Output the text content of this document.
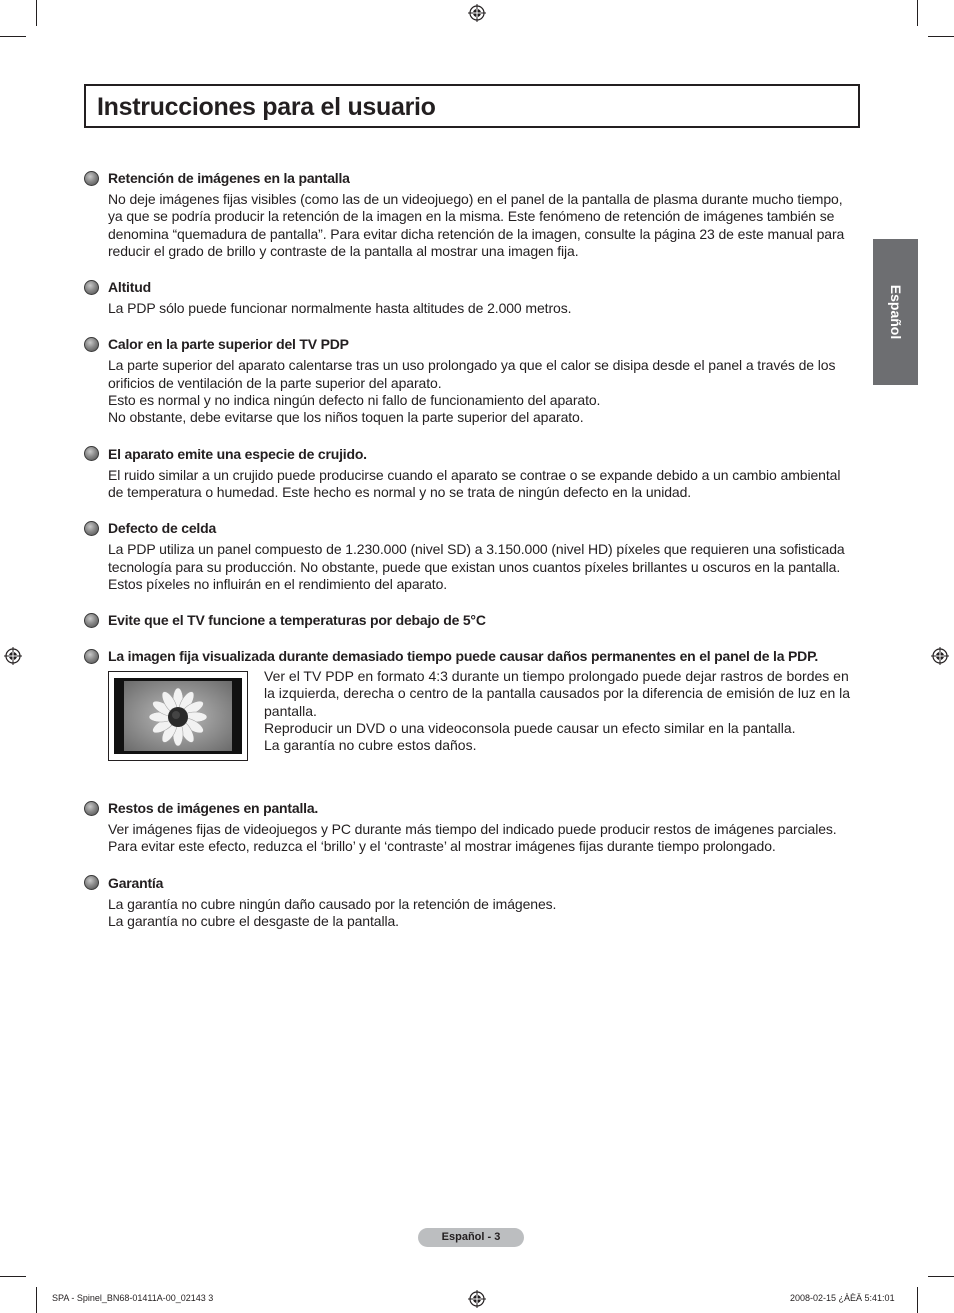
Instrucciones para el usuario
Español
Retención de imágenes en la pantalla

No deje imágenes fijas visibles (como las de un videojuego) en el panel de la pantalla de plasma durante mucho tiempo,

ya que se podría producir la retención de la imagen en la misma. Este fenómeno de retención de imágenes también se

denomina “quemadura de pantalla”. Para evitar dicha retención de la imagen, consulte la página 23 de este manual para

reducir el grado de brillo y contraste de la pantalla al mostrar una imagen fija.

Altitud

La PDP sólo puede funcionar normalmente hasta altitudes de 2.000 metros.

Calor en la parte superior del TV PDP

La parte superior del aparato calentarse tras un uso prolongado ya que el calor se disipa desde el panel a través de los

orificios de ventilación de la parte superior del aparato.

Esto es normal y no indica ningún defecto ni fallo de funcionamiento del aparato.

No obstante, debe evitarse que los niños toquen la parte superior del aparato.

El aparato emite una especie de crujido.

El ruido similar a un crujido puede producirse cuando el aparato se contrae o se expande debido a un cambio ambiental

de temperatura o humedad. Este hecho es normal y no se trata de ningún defecto en la unidad.

Defecto de celda

La PDP utiliza un panel compuesto de 1.230.000 (nivel SD) a 3.150.000 (nivel HD) píxeles que requieren una sofisticada

tecnología para su producción. No obstante, puede que existan unos cuantos píxeles brillantes u oscuros en la pantalla.

Estos píxeles no influirán en el rendimiento del aparato.

Evite que el TV funcione a temperaturas por debajo de 5°C
La imagen fija visualizada durante demasiado tiempo puede causar daños permanentes en el panel de la PDP.

Ver el TV PDP en formato 4:3 durante un tiempo prolongado puede dejar rastros de bordes en

la izquierda, derecha o centro de la pantalla causados por la diferencia de emisión de luz en la

pantalla.

Reproducir un DVD o una videoconsola puede causar un efecto similar en la pantalla.

La garantía no cubre estos daños.

Restos de imágenes en pantalla.

Ver imágenes fijas de videojuegos y PC durante más tiempo del indicado puede producir restos de imágenes parciales.

Para evitar este efecto, reduzca el ‘brillo’ y el ‘contraste’ al mostrar imágenes fijas durante tiempo prolongado.

Garantía

La garantía no cubre ningún daño causado por la retención de imágenes.

La garantía no cubre el desgaste de la pantalla.

Español - 3
SPA - Spinel_BN68-01411A-00_02143 3	2008-02-15 ¿ÀÈÄ 5:41:01
